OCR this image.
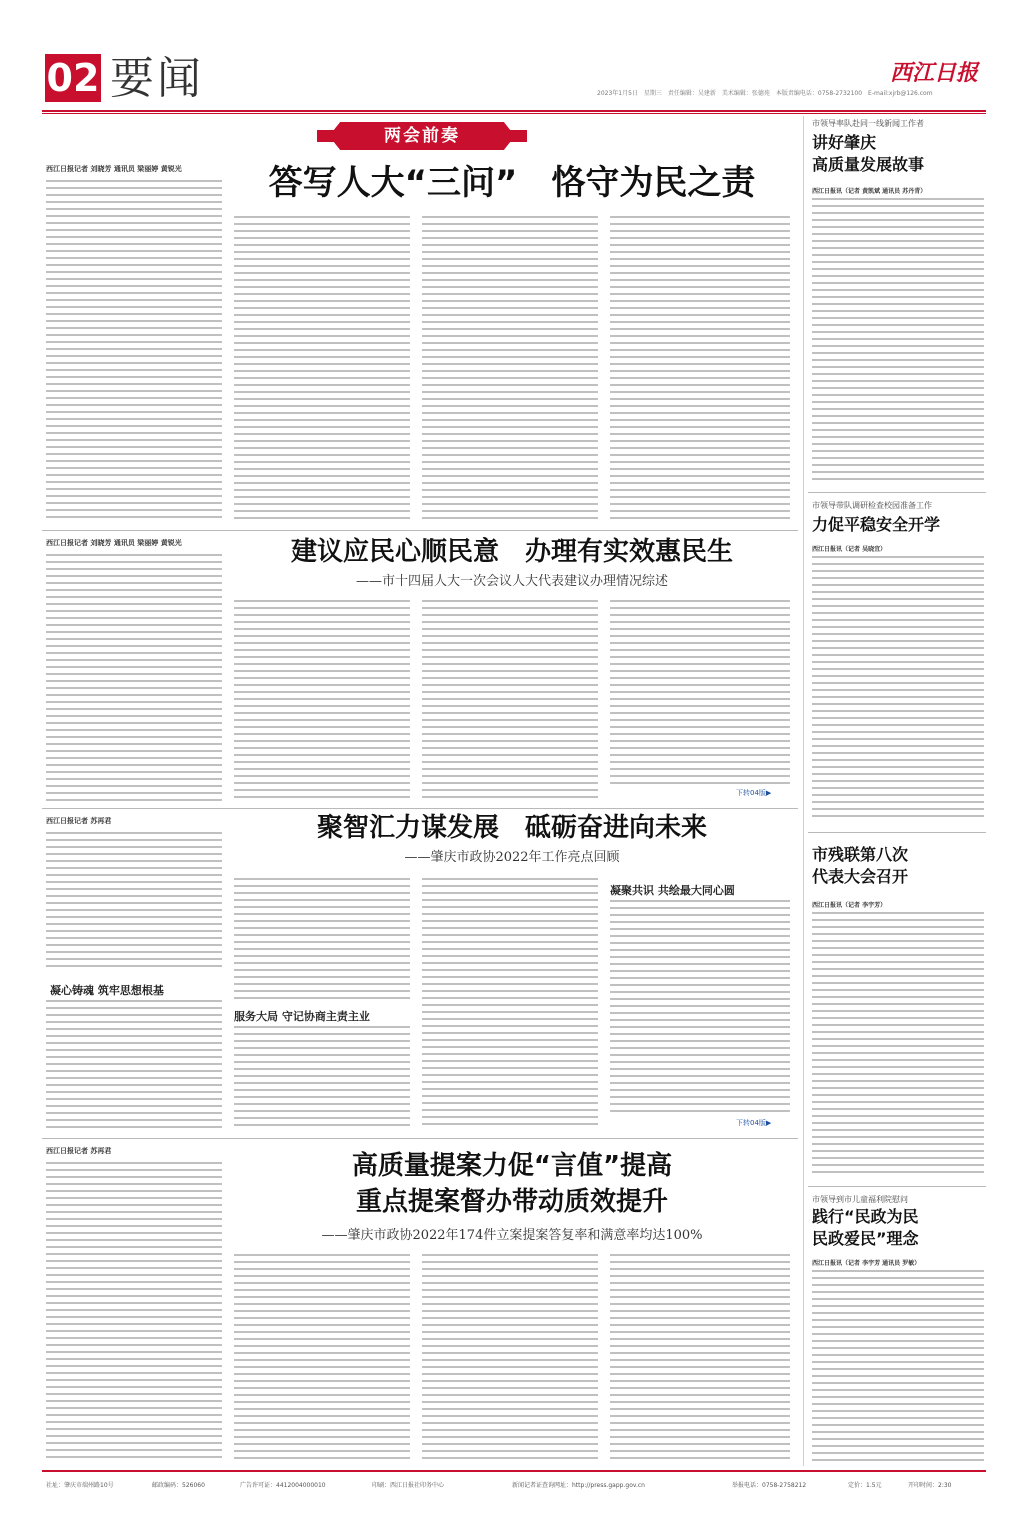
02 要闻	2023年1月5日　星期三　责任编辑：吴建新　美术编辑：张德苑　本版责编电话：0758-2732100　E-mail:xjrb@126.com
西江日报
两会前奏
西江日报记者 刘晓芳 通讯员 梁丽婷 黄锐光	答写人大“三问”　恪守为民之责
西江日报记者 刘晓芳 通讯员 梁丽婷 黄锐光	建议应民心顺民意　办理有实效惠民生
——市十四届人大一次会议人大代表建议办理情况综述
下转04版▶
西江日报记者 苏再君
凝心铸魂 筑牢思想根基
聚智汇力谋发展　砥砺奋进向未来
——肇庆市政协2022年工作亮点回顾
服务大局 守记协商主责主业
凝聚共识 共绘最大同心圆
下转04版▶
西江日报记者 苏再君	高质量提案力促“言值”提高
重点提案督办带动质效提升
——肇庆市政协2022年174件立案提案答复率和满意率均达100%
市领导率队赴同一线新闻工作者
讲好肇庆
高质量发展故事
西江日报讯（记者 黄凯斌 通讯员 苏丹青）
市领导带队调研检查校园准备工作
力促平稳安全开学
西江日报讯（记者 吴晓宜）
市残联第八次
代表大会召开
西江日报讯（记者 李宇芳）
市领导到市儿童福利院慰问
践行“民政为民
民政爱民”理念
西江日报讯（记者 李宇芳 通讯员 罗敏）
社址：肇庆市端州路10号	邮政编码：526060	广告许可证：4412004000010	印刷：西江日报社印务中心	新闻记者证查询网址：http://press.gapp.gov.cn	举报电话：0758-2758212	定价：1.5元	开印时间：2:30
